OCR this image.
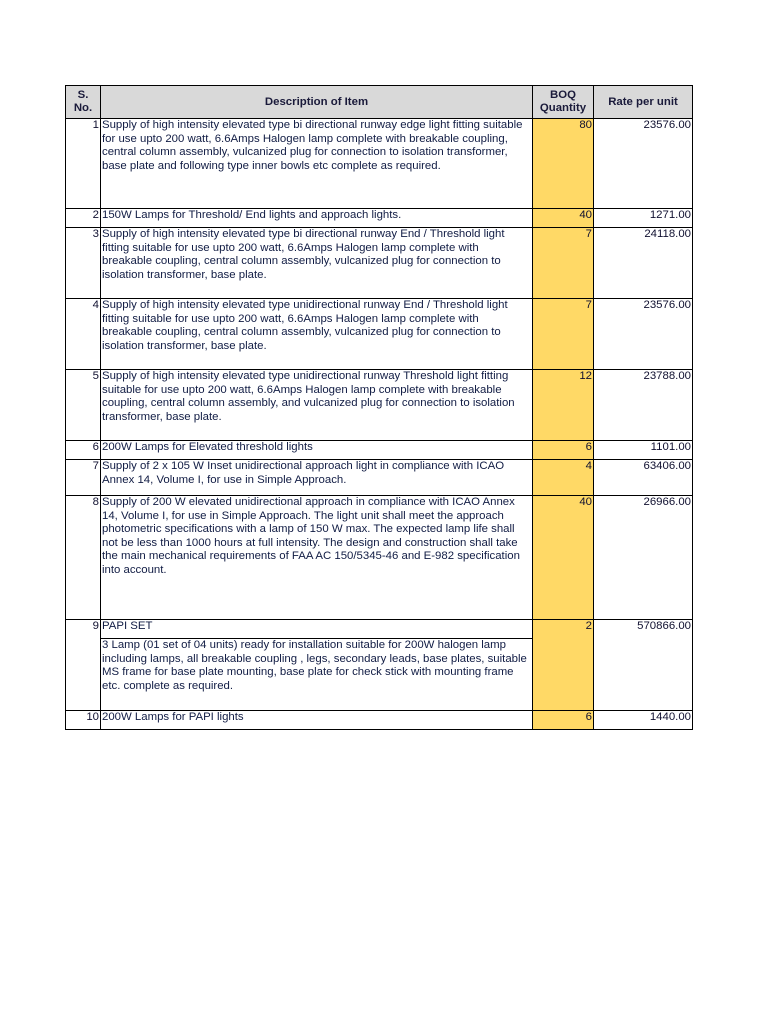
S. No.	Description of Item	BOQ Quantity	Rate per unit
1	Supply of high intensity elevated type bi directional runway edge light fitting suitable for use upto 200 watt, 6.6Amps Halogen lamp complete with breakable coupling, central column assembly, vulcanized plug for connection to isolation transformer, base plate and following type inner bowls etc complete as required.	80	23576.00
2	150W Lamps for Threshold/ End lights and approach lights.	40	1271.00
3	Supply of high intensity elevated type bi directional runway End / Threshold light fitting suitable for use upto 200 watt, 6.6Amps Halogen lamp complete with breakable coupling, central column assembly, vulcanized plug for connection to isolation transformer, base plate.	7	24118.00
4	Supply of high intensity elevated type unidirectional runway End / Threshold light fitting suitable for use upto 200 watt, 6.6Amps Halogen lamp complete with breakable coupling, central column assembly, vulcanized plug for connection to isolation transformer, base plate.	7	23576.00
5	Supply of high intensity elevated type unidirectional runway Threshold light fitting suitable for use upto 200 watt, 6.6Amps Halogen lamp complete with breakable coupling, central column assembly, and vulcanized plug for connection to isolation transformer, base plate.	12	23788.00
6	200W Lamps for Elevated threshold lights	6	1101.00
7	Supply of 2 x 105 W Inset unidirectional approach light in compliance with ICAO Annex 14, Volume I, for use in Simple Approach.	4	63406.00
8	Supply of 200 W elevated unidirectional approach in compliance with ICAO Annex 14, Volume I, for use in Simple Approach. The light unit shall meet the approach photometric specifications with a lamp of 150 W max. The expected lamp life shall not be less than 1000 hours at full intensity. The design and construction shall take the main mechanical requirements of FAA AC 150/5345-46 and E-982 specification into account.	40	26966.00
9	PAPI SET	2	570866.00
	3 Lamp (01 set of 04 units) ready for installation suitable for 200W halogen lamp including lamps, all breakable coupling , legs, secondary leads, base plates, suitable MS frame for base plate mounting, base plate for check stick with mounting frame etc. complete as required.		
10	200W Lamps for PAPI lights	6	1440.00
